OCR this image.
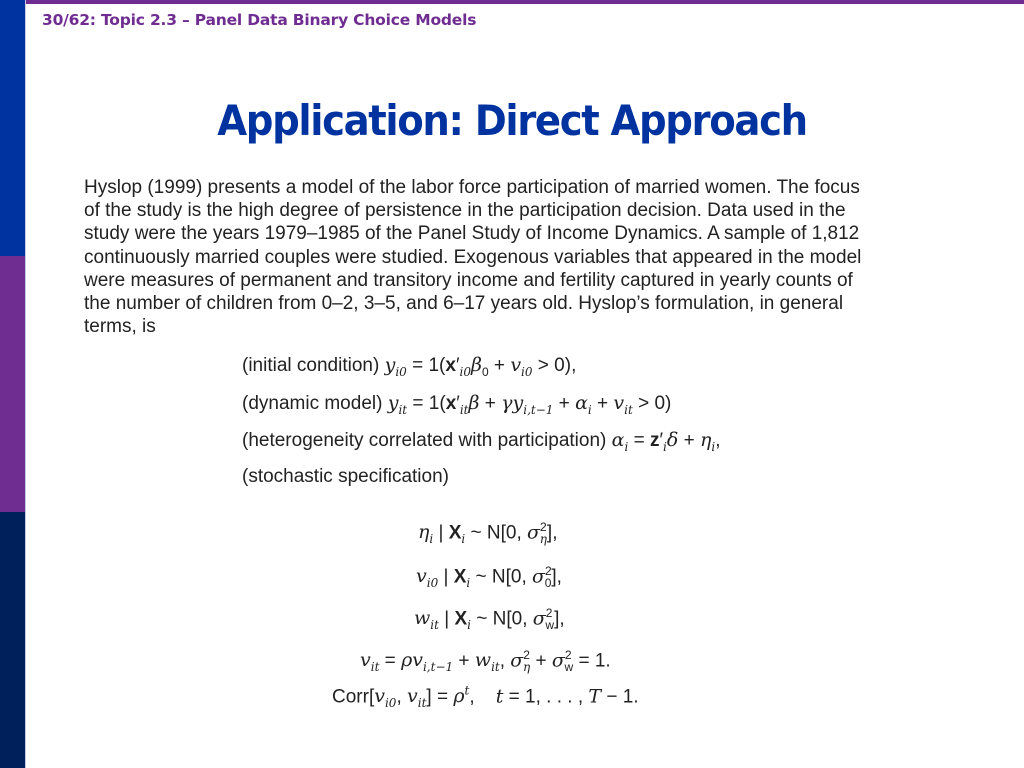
30/62: Topic 2.3 – Panel Data Binary Choice Models
Application: Direct Approach
Hyslop (1999) presents a model of the labor force participation of married women. The focus
of the study is the high degree of persistence in the participation decision. Data used in the
study were the years 1979–1985 of the Panel Study of Income Dynamics. A sample of 1,812
continuously married couples were studied. Exogenous variables that appeared in the model
were measures of permanent and transitory income and fertility captured in yearly counts of
the number of children from 0–2, 3–5, and 6–17 years old. Hyslop’s formulation, in general
terms, is
(initial condition) $y_{i0} = 1(x'_{i0}\beta_0 + v_{i0} > 0)$,
(dynamic model) $y_{it} = 1(x'_{it}\beta + \gamma y_{i,t-1} + \alpha_i + v_{it} > 0)$
(heterogeneity correlated with participation) $\alpha_i = z'_i\delta + \eta_i$,
(stochastic specification)
$\eta_i$ | $X_i$ ~ N[0, $\sigma^2_\eta$],
$v_{i0}$ | $X_i$ ~ N[0, $\sigma^2_0$],
$w_{it}$ | $X_i$ ~ N[0, $\sigma^2_w$],
$v_{it} = \rho v_{i,t-1} + w_{it}$, $\sigma^2_\eta + \sigma^2_w = 1$.
$Corr[v_{i0}$, $v_{it}] = \rho^t$,    t = 1, . . . , T − 1.
